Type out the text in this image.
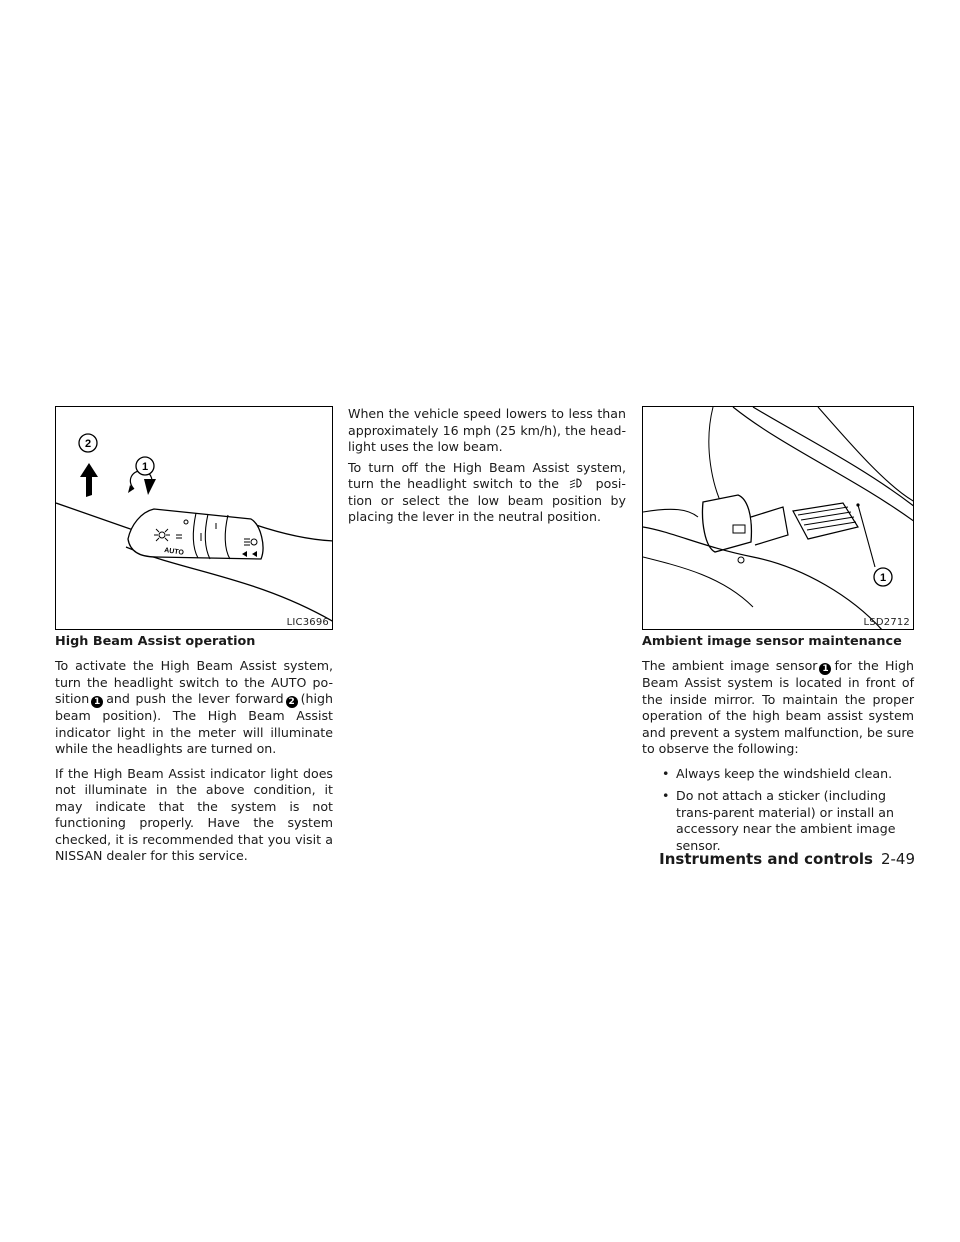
AUTO
2
1
LIC3696
1
LSD2712
High Beam Assist operation

To activate the High Beam Assist system, turn the headlight switch to the AUTO po-sition 1 and push the lever forward 2 (high beam position). The High Beam Assist indicator light in the meter will illuminate while the headlights are turned on.

If the High Beam Assist indicator light does not illuminate in the above condition, it may indicate that the system is not functioning properly. Have the system checked, it is recommended that you visit a NISSAN dealer for this service.

When the vehicle speed lowers to less than approximately 16 mph (25 km/h), the head-light uses the low beam.

To turn off the High Beam Assist system, turn the headlight switch to the	posi-tion or select the low beam position by placing the lever in the neutral position.

Ambient image sensor maintenance

The ambient image sensor 1 for the High Beam Assist system is located in front of the inside mirror. To maintain the proper operation of the high beam assist system and prevent a system malfunction, be sure to observe the following:

• Always keep the windshield clean.
• Do not attach a sticker (including trans-parent material) or install an accessory near the ambient image sensor.
Instruments and controls 2-49
